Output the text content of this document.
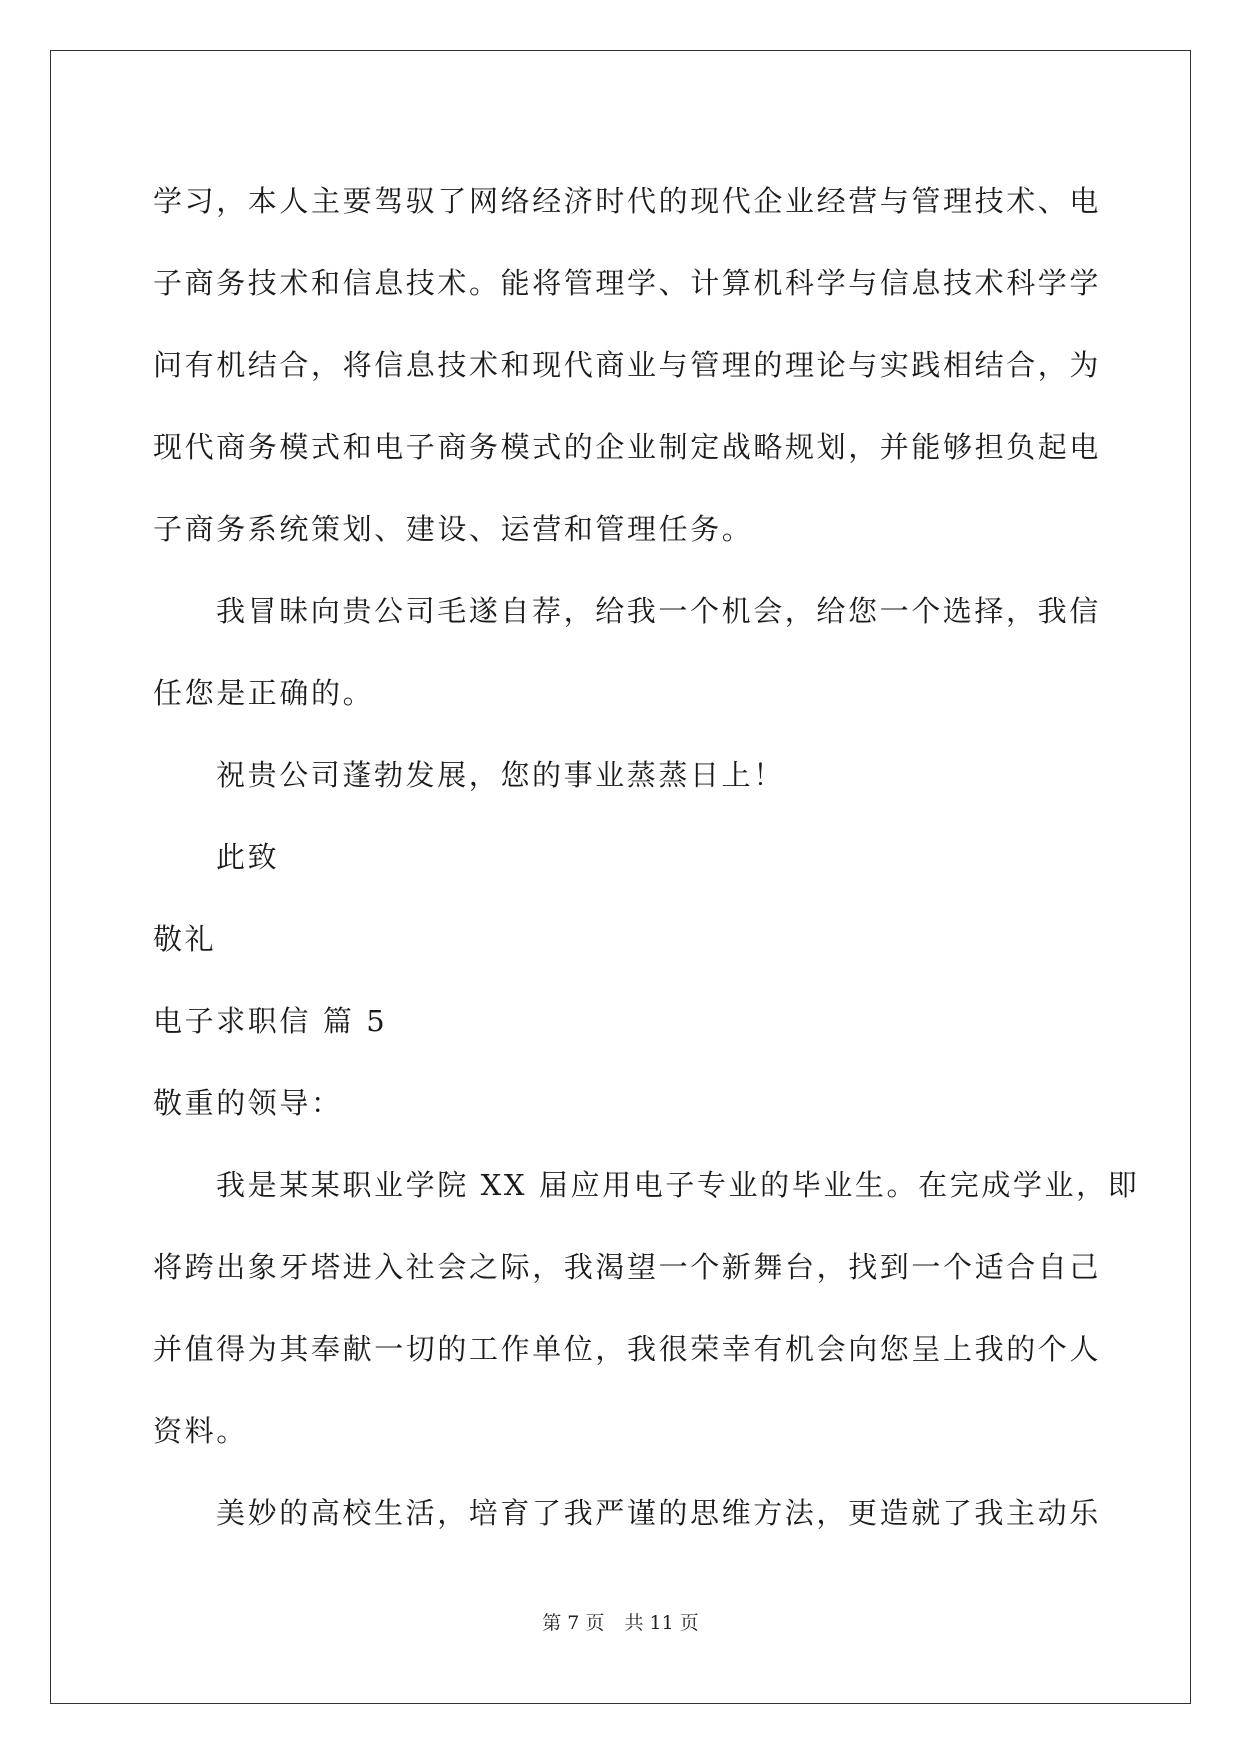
学习，本人主要驾驭了网络经济时代的现代企业经营与管理技术、电

子商务技术和信息技术。能将管理学、计算机科学与信息技术科学学

问有机结合，将信息技术和现代商业与管理的理论与实践相结合，为

现代商务模式和电子商务模式的企业制定战略规划，并能够担负起电

子商务系统策划、建设、运营和管理任务。

我冒昧向贵公司毛遂自荐，给我一个机会，给您一个选择，我信

任您是正确的。

祝贵公司蓬勃发展，您的事业蒸蒸日上！

此致

敬礼

电子求职信 篇 5

敬重的领导：

我是某某职业学院 XX 届应用电子专业的毕业生。在完成学业，即

将跨出象牙塔进入社会之际，我渴望一个新舞台，找到一个适合自己

并值得为其奉献一切的工作单位，我很荣幸有机会向您呈上我的个人

资料。

美妙的高校生活，培育了我严谨的思维方法，更造就了我主动乐

第 7 页 共 11 页
